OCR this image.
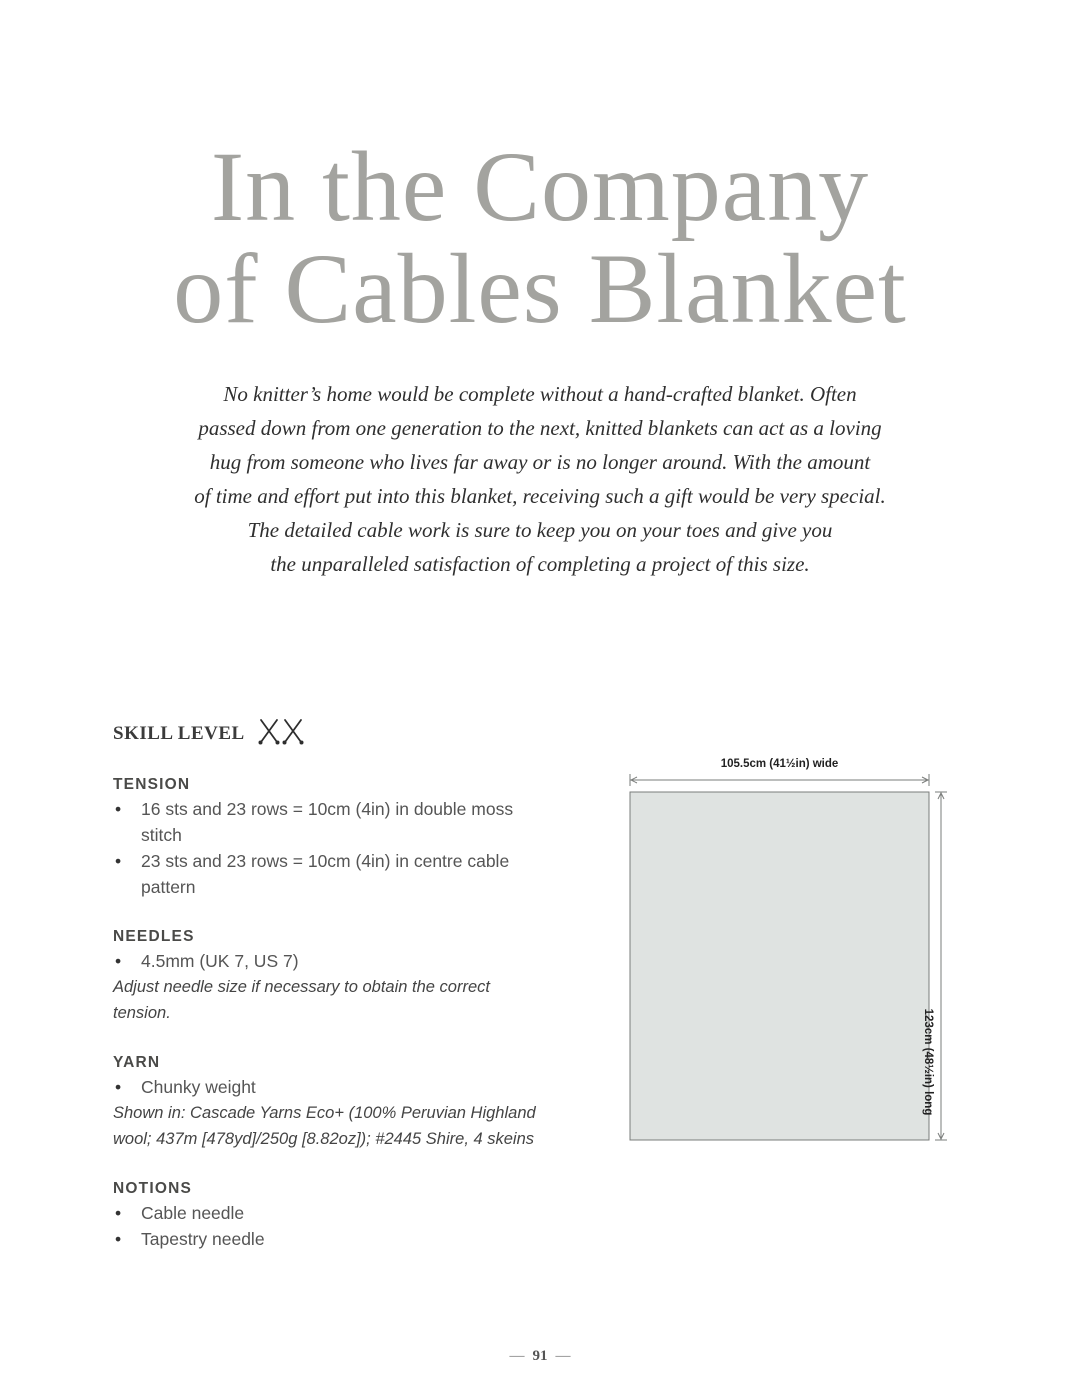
In the Company
of Cables Blanket

No knitter’s home would be complete without a hand-crafted blanket. Often
passed down from one generation to the next, knitted blankets can act as a loving
hug from someone who lives far away or is no longer around. With the amount
of time and effort put into this blanket, receiving such a gift would be very special.
The detailed cable work is sure to keep you on your toes and give you
the unparalleled satisfaction of completing a project of this size.

SKILL LEVEL

TENSION

• 16 sts and 23 rows = 10cm (4in) in double moss stitch
• 23 sts and 23 rows = 10cm (4in) in centre cable pattern

NEEDLES

• 4.5mm (UK 7, US 7)

Adjust needle size if necessary to obtain the correct tension.

YARN

• Chunky weight

Shown in: Cascade Yarns Eco+ (100% Peruvian Highland wool; 437m [478yd]/250g [8.82oz]); #2445 Shire, 4 skeins

NOTIONS

• Cable needle
• Tapestry needle
105.5cm (41½in) wide
123cm (48½in) long
— 91 —
